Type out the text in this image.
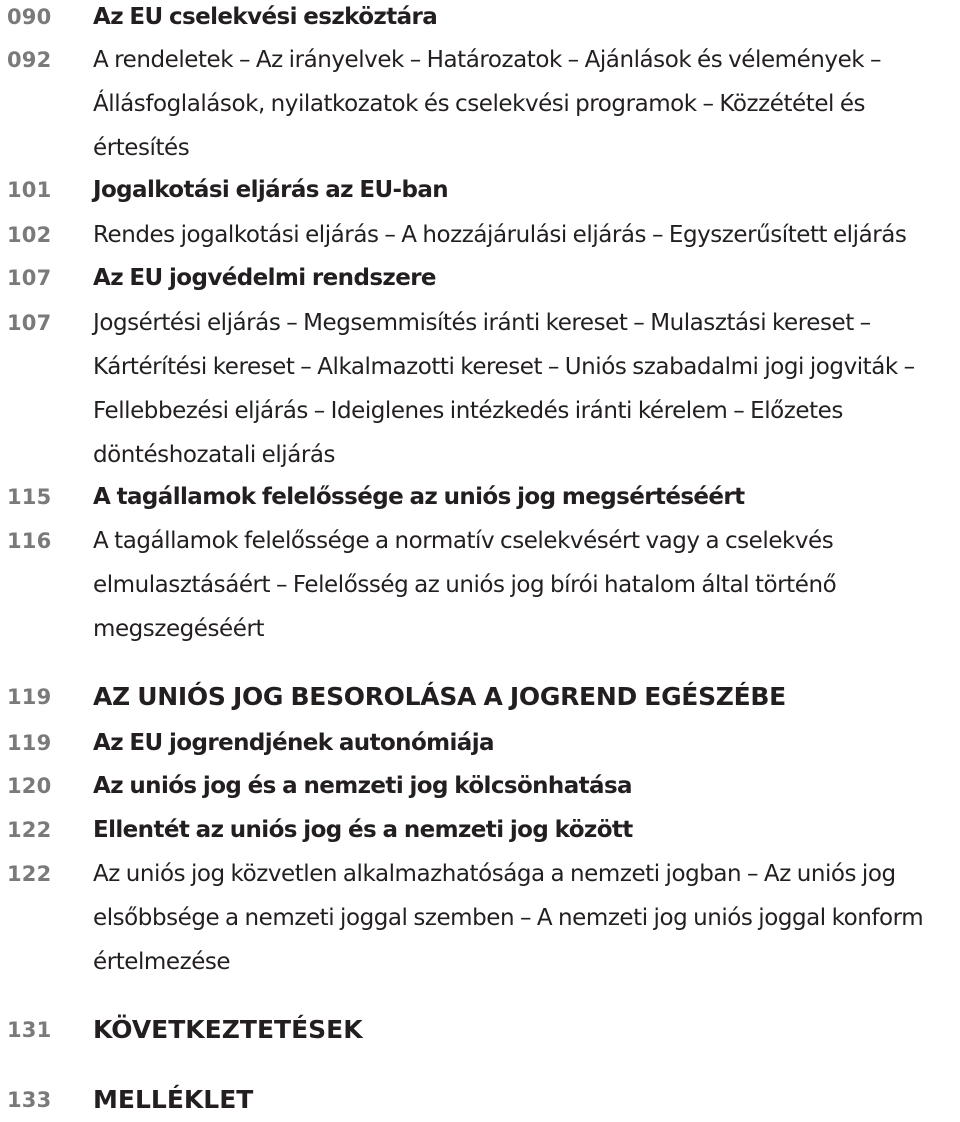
090 Az EU cselekvési eszköztára
092 A rendeletek – Az irányelvek – Határozatok – Ajánlások és vélemények – Állásfoglalások, nyilatkozatok és cselekvési programok – Közzététel és értesítés
101 Jogalkotási eljárás az EU-ban
102 Rendes jogalkotási eljárás – A hozzájárulási eljárás – Egyszerűsített eljárás
107 Az EU jogvédelmi rendszere
107 Jogsértési eljárás – Megsemmisítés iránti kereset – Mulasztási kereset – Kártérítési kereset – Alkalmazotti kereset – Uniós szabadalmi jogi jogviták – Fellebbezési eljárás – Ideiglenes intézkedés iránti kérelem – Előzetes döntéshozatali eljárás
115 A tagállamok felelőssége az uniós jog megsértéséért
116 A tagállamok felelőssége a normatív cselekvésért vagy a cselekvés elmulasztásáért – Felelősség az uniós jog bírói hatalom által történő megszegéséért
119 AZ UNIÓS JOG BESOROLÁSA A JOGREND EGÉSZÉBE
119 Az EU jogrendjének autonómiája
120 Az uniós jog és a nemzeti jog kölcsönhatása
122 Ellentét az uniós jog és a nemzeti jog között
122 Az uniós jog közvetlen alkalmazhatósága a nemzeti jogban – Az uniós jog elsőbbsége a nemzeti joggal szemben – A nemzeti jog uniós joggal konform értelmezése
131 KÖVETKEZTETÉSEK
133 MELLÉKLET
